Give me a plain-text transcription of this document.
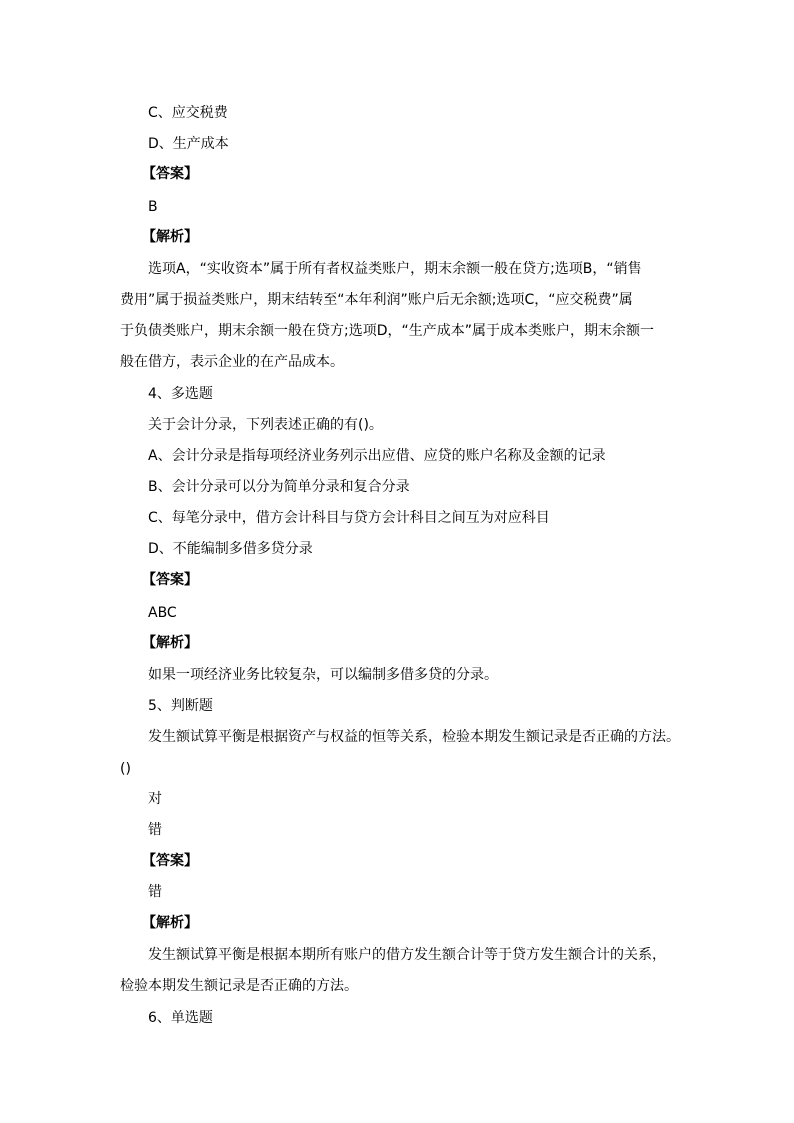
C、应交税费
D、生产成本
【答案】
B
【解析】
选项A，“实收资本”属于所有者权益类账户，期末余额一般在贷方;选项B，“销售
费用”属于损益类账户，期末结转至“本年利润”账户后无余额;选项C，“应交税费”属
于负债类账户，期末余额一般在贷方;选项D，“生产成本”属于成本类账户，期末余额一
般在借方，表示企业的在产品成本。
4、多选题
关于会计分录，下列表述正确的有()。
A、会计分录是指每项经济业务列示出应借、应贷的账户名称及金额的记录
B、会计分录可以分为简单分录和复合分录
C、每笔分录中，借方会计科目与贷方会计科目之间互为对应科目
D、不能编制多借多贷分录
【答案】
ABC
【解析】
如果一项经济业务比较复杂，可以编制多借多贷的分录。
5、判断题
发生额试算平衡是根据资产与权益的恒等关系，检验本期发生额记录是否正确的方法。
()
对
错
【答案】
错
【解析】
发生额试算平衡是根据本期所有账户的借方发生额合计等于贷方发生额合计的关系，
检验本期发生额记录是否正确的方法。
6、单选题
